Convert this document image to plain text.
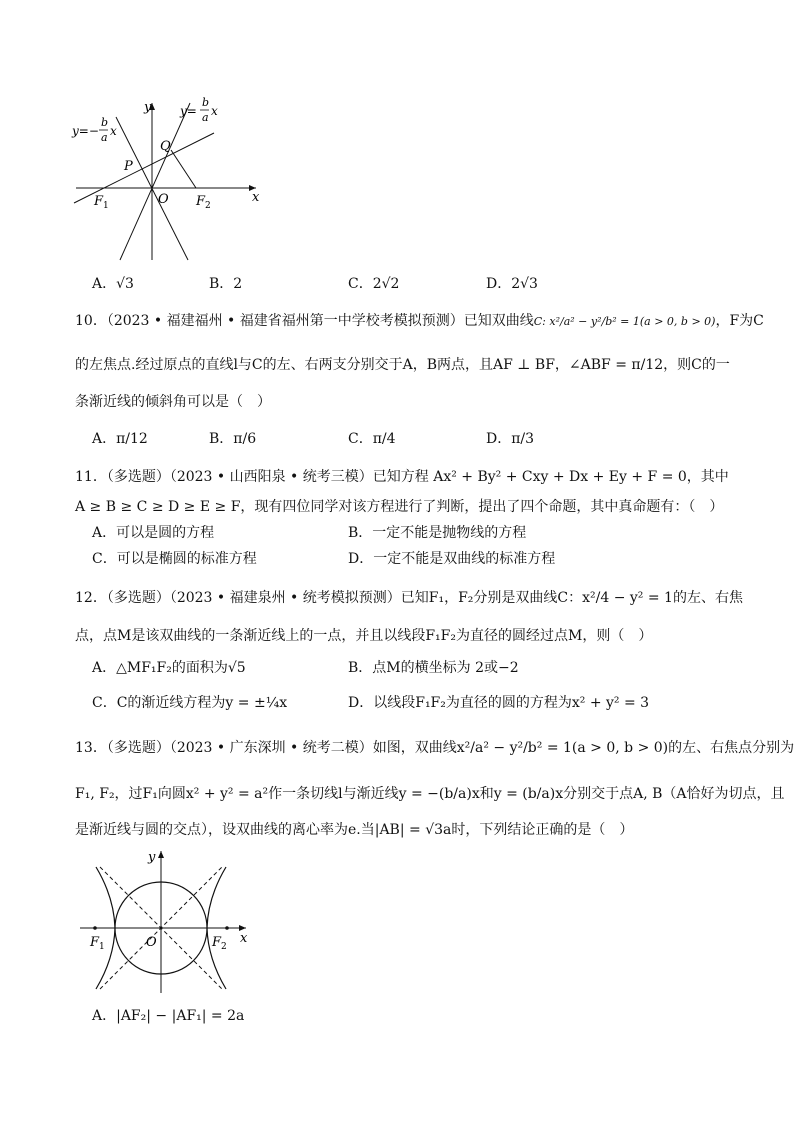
y
x
y=−
b
a x
y=
b
a x
P
Q
O
F 1	F 2
A．√3	B．2	C．2√2	D．2√3
10．（2023 • 福建福州 • 福建省福州第一中学校考模拟预测）已知双曲线C: x²/a² − y²/b² = 1(a > 0, b > 0)，F为C
的左焦点.经过原点的直线l与C的左、右两支分别交于A，B两点，且AF ⊥ BF，∠ABF = π/12，则C的一
条渐近线的倾斜角可以是（　）
A．π/12	B．π/6	C．π/4	D．π/3
11．（多选题）（2023 • 山西阳泉 • 统考三模）已知方程 Ax² + By² + Cxy + Dx + Ey + F = 0，其中
A ≥ B ≥ C ≥ D ≥ E ≥ F，现有四位同学对该方程进行了判断，提出了四个命题，其中真命题有：（　）
A．可以是圆的方程	B．一定不能是抛物线的方程
C．可以是椭圆的标准方程	D．一定不能是双曲线的标准方程
12．（多选题）（2023 • 福建泉州 • 统考模拟预测）已知F₁，F₂分别是双曲线C：x²/4 − y² = 1的左、右焦
点，点M是该双曲线的一条渐近线上的一点，并且以线段F₁F₂为直径的圆经过点M，则（　）
A．△MF₁F₂的面积为√5	B．点M的横坐标为 2或−2
C．C的渐近线方程为y = ±¼x	D．以线段F₁F₂为直径的圆的方程为x² + y² = 3
13．（多选题）（2023 • 广东深圳 • 统考二模）如图，双曲线x²/a² − y²/b² = 1(a > 0, b > 0)的左、右焦点分别为
F₁, F₂，过F₁向圆x² + y² = a²作一条切线l与渐近线y = −(b/a)x和y = (b/a)x分别交于点A, B（A恰好为切点，且
是渐近线与圆的交点），设双曲线的离心率为e.当|AB| = √3a时，下列结论正确的是（　）
y
x
O
F 1	F 2
A．|AF₂| − |AF₁| = 2a
